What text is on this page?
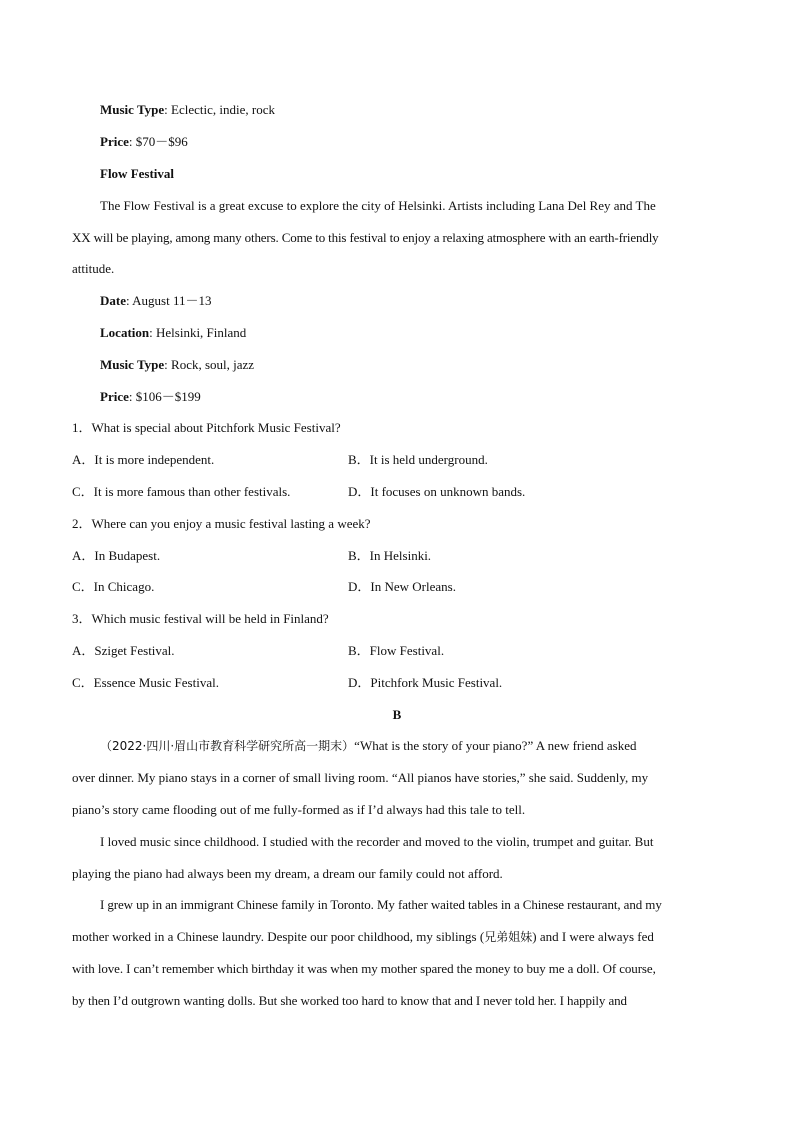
Music Type: Eclectic, indie, rock
Price: $70－$96
Flow Festival
The Flow Festival is a great excuse to explore the city of Helsinki. Artists including Lana Del Rey and The
XX will be playing, among many others. Come to this festival to enjoy a relaxing atmosphere with an earth-friendly
attitude.
Date: August 11－13
Location: Helsinki, Finland
Music Type: Rock, soul, jazz
Price: $106－$199
1．What is special about Pitchfork Music Festival?
A．It is more independent.	B．It is held underground.
C．It is more famous than other festivals.	D．It focuses on unknown bands.
2．Where can you enjoy a music festival lasting a week?
A．In Budapest.	B．In Helsinki.
C．In Chicago.	D．In New Orleans.
3．Which music festival will be held in Finland?
A．Sziget Festival.	B．Flow Festival.
C．Essence Music Festival.	D．Pitchfork Music Festival.
B
（2022·四川·眉山市教育科学研究所高一期末）“What is the story of your piano?” A new friend asked
over dinner. My piano stays in a corner of small living room. “All pianos have stories,” she said. Suddenly, my
piano’s story came flooding out of me fully-formed as if I’d always had this tale to tell.
I loved music since childhood. I studied with the recorder and moved to the violin, trumpet and guitar. But
playing the piano had always been my dream, a dream our family could not afford.
I grew up in an immigrant Chinese family in Toronto. My father waited tables in a Chinese restaurant, and my
mother worked in a Chinese laundry. Despite our poor childhood, my siblings (兄弟姐妹) and I were always fed
with love. I can’t remember which birthday it was when my mother spared the money to buy me a doll. Of course,
by then I’d outgrown wanting dolls. But she worked too hard to know that and I never told her. I happily and
